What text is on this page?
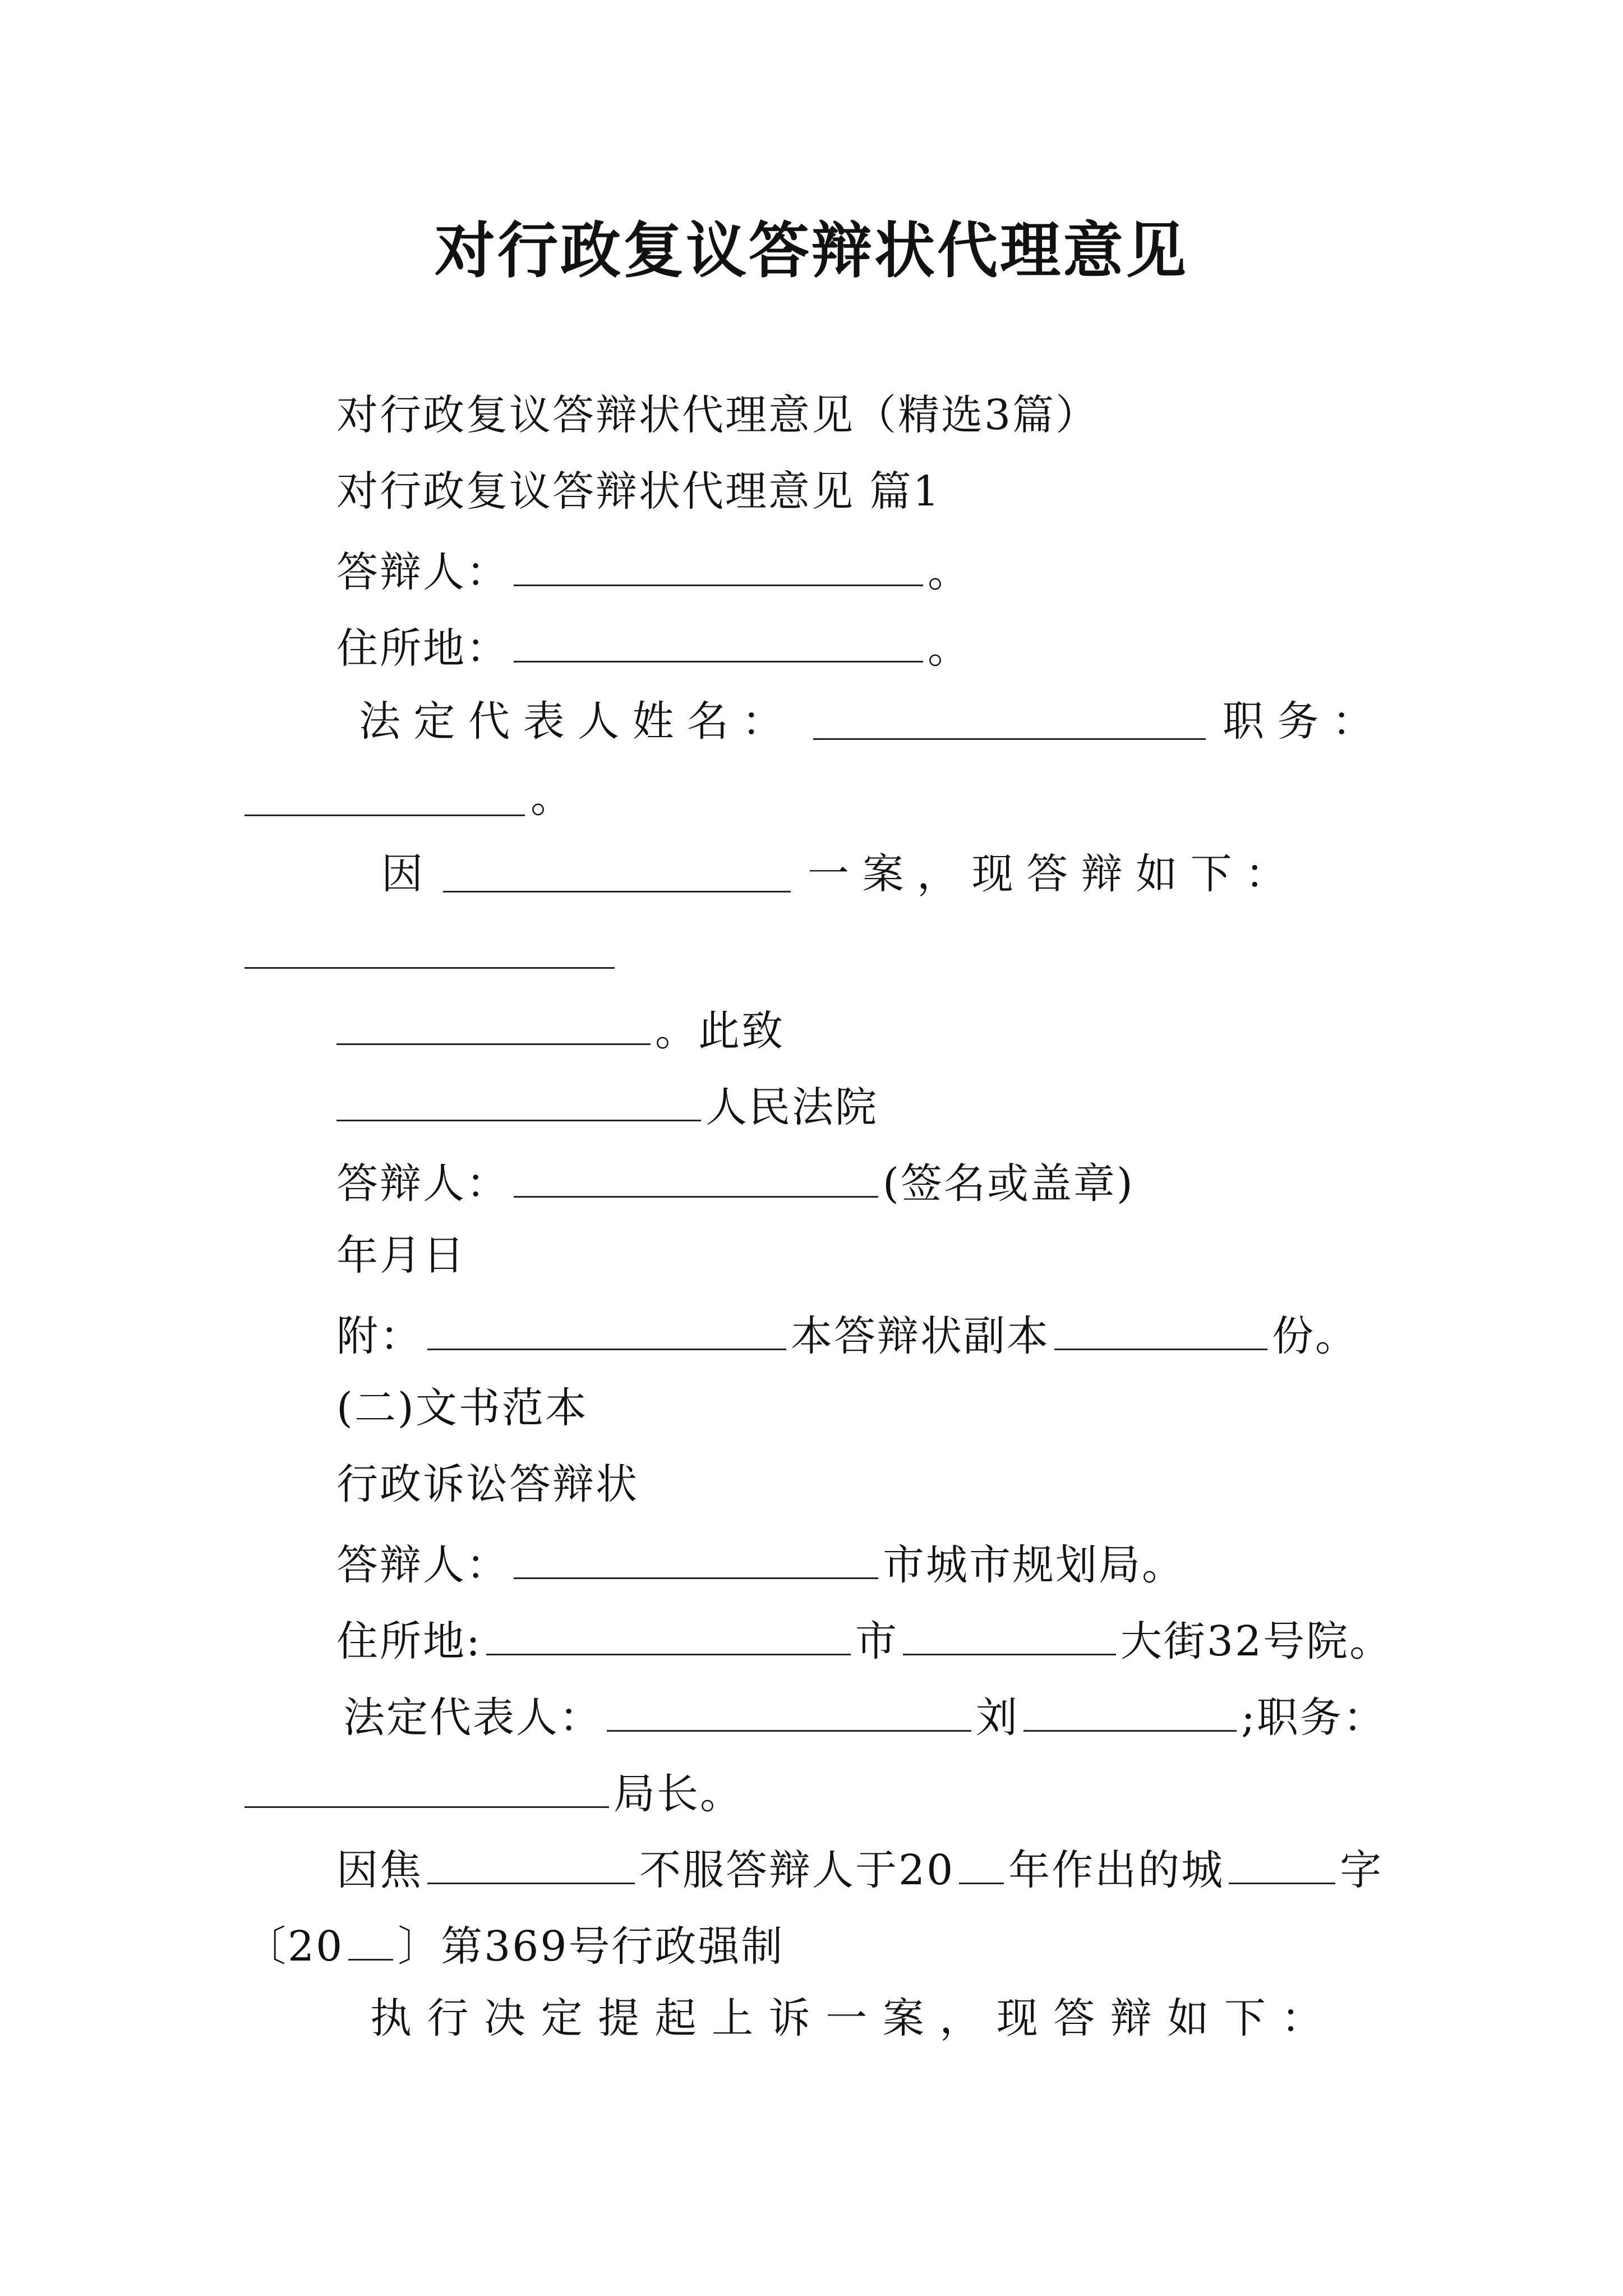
对行政复议答辩状代理意见
对行政复议答辩状代理意见（精选3篇）
对行政复议答辩状代理意见 篇1
答辩人：	。
住所地：	。
法 定 代 表 人 姓 名 ：	职 务 ：
。
因	一 案 ， 现 答 辩 如 下 ：
。此致
人民法院
答辩人：	(签名或盖章)
年月日
附：	本答辩状副本	份。
(二)文书范本
行政诉讼答辩状
答辩人：	市城市规划局。
住所地:	市	大街32号院。
法定代表人：	刘	;职务：
局长。
因焦	不服答辩人于20 年作出的城	字
〔20 〕第369号行政强制
执 行 决 定 提 起 上 诉 一 案 ， 现 答 辩 如 下 ：
